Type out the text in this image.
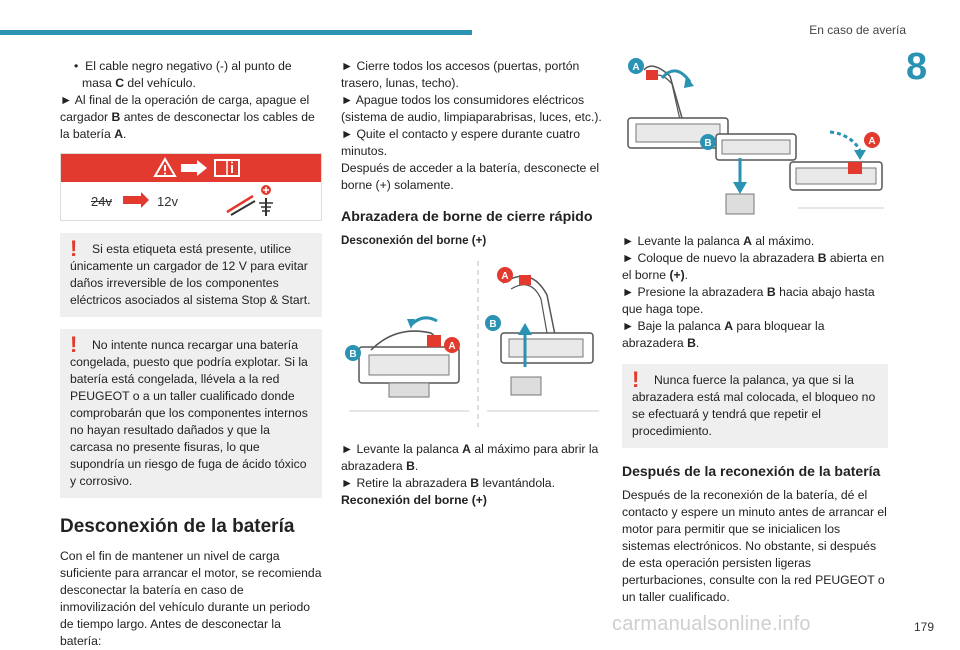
En caso de avería
8
• El cable negro negativo (-) al punto de masa C del vehículo.
► Al final de la operación de carga, apague el cargador B antes de desconectar los cables de la batería A.
24v	12v
!	Si esta etiqueta está presente, utilice únicamente un cargador de 12 V para evitar daños irreversible de los componentes eléctricos asociados al sistema Stop & Start.
!	No intente nunca recargar una batería congelada, puesto que podría explotar. Si la batería está congelada, llévela a la red PEUGEOT o a un taller cualificado donde comprobarán que los componentes internos no hayan resultado dañados y que la carcasa no presente fisuras, lo que supondría un riesgo de fuga de ácido tóxico y corrosivo.
Desconexión de la batería
Con el fin de mantener un nivel de carga suficiente para arrancar el motor, se recomienda desconectar la batería en caso de inmovilización del vehículo durante un periodo de tiempo largo. Antes de desconectar la batería:
► Cierre todos los accesos (puertas, portón trasero, lunas, techo).
► Apague todos los consumidores eléctricos (sistema de audio, limpiaparabrisas, luces, etc.).
► Quite el contacto y espere durante cuatro minutos.
Después de acceder a la batería, desconecte el borne (+) solamente.
Abrazadera de borne de cierre rápido
Desconexión del borne (+)
B
A
A
B
► Levante la palanca A al máximo para abrir la abrazadera B.
► Retire la abrazadera B levantándola.
Reconexión del borne (+)
A
B	A
► Levante la palanca A al máximo.
► Coloque de nuevo la abrazadera B abierta en el borne (+).
► Presione la abrazadera B hacia abajo hasta que haga tope.
► Baje la palanca A para bloquear la abrazadera B.
!	Nunca fuerce la palanca, ya que si la abrazadera está mal colocada, el bloqueo no se efectuará y tendrá que repetir el procedimiento.
Después de la reconexión de la batería
Después de la reconexión de la batería, dé el contacto y espere un minuto antes de arrancar el motor para permitir que se inicialicen los sistemas electrónicos. No obstante, si después de esta operación persisten ligeras perturbaciones, consulte con la red PEUGEOT o un taller cualificado.
carmanualsonline.info	179
